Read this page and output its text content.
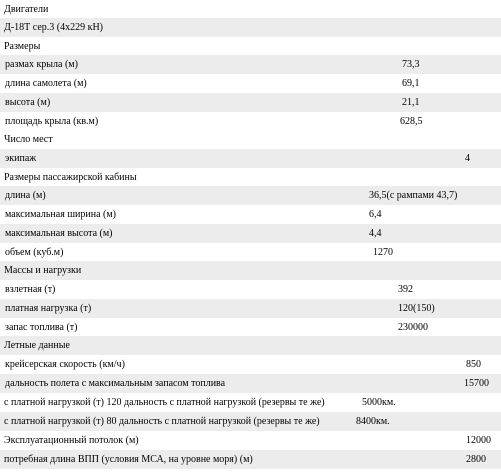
Двигатели
Д-18Т сер.3 (4х229 кН)
Размеры
размах крыла (м)	73,3
длина самолета (м)	69,1
высота (м)	21,1
площадь крыла (кв.м)	628,5
Число мест
экипаж	4
Размеры пассажирской кабины
длина (м)	36,5(с рампами 43,7)
максимальная ширина (м)	6,4
максимальная высота (м)	4,4
объем (куб.м)	1270
Массы и нагрузки
взлетная (т)	392
платная нагрузка (т)	120(150)
запас топлива (т)	230000
Летные данные
крейсерская скорость (км/ч)	850
дальность полета с максимальным запасом топлива	15700
с платной нагрузкой (т) 120 дальность с платной нагрузкой (резервы те же)	5000км.
с платной нагрузкой (т) 80 дальность с платной нагрузкой (резервы те же)	8400км.
Эксплуатационный потолок (м)	12000
потребная длина ВПП (условия МСА, на уровне моря) (м)	2800
